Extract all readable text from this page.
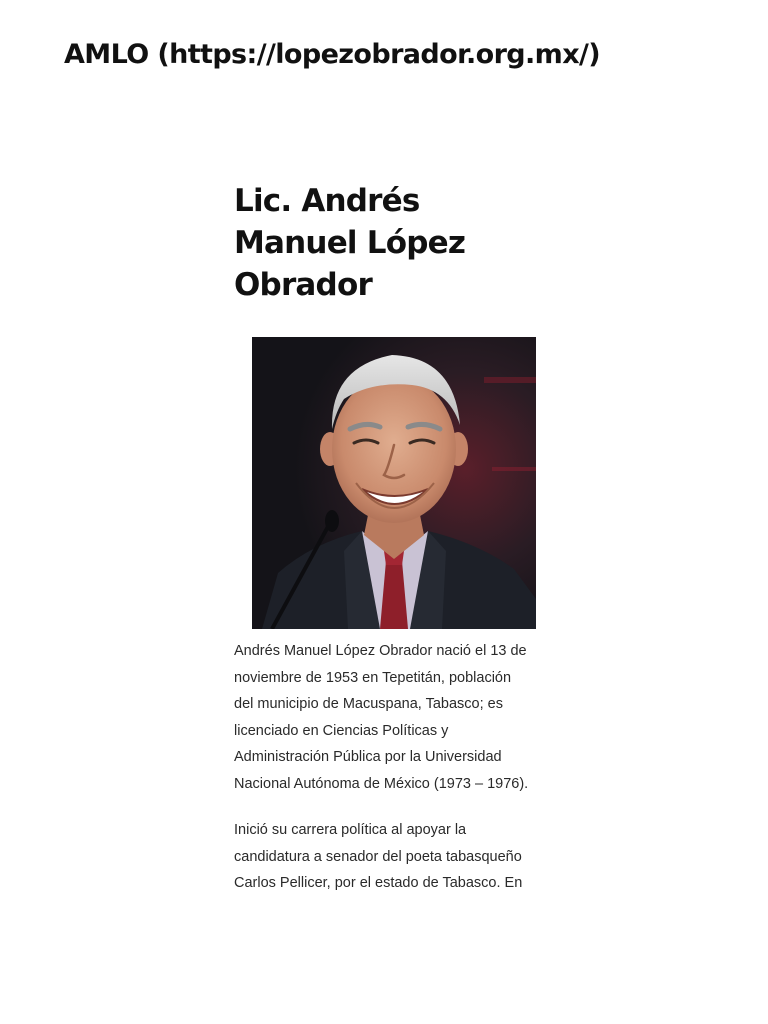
AMLO (https://lopezobrador.org.mx/)
Lic. Andrés Manuel López Obrador

Andrés Manuel López Obrador nació el 13 de noviembre de 1953 en Tepetitán, población del municipio de Macuspana, Tabasco; es licenciado en Ciencias Políticas y Administración Pública por la Universidad Nacional Autónoma de México (1973 – 1976).

Inició su carrera política al apoyar la candidatura a senador del poeta tabasqueño Carlos Pellicer, por el estado de Tabasco. En
